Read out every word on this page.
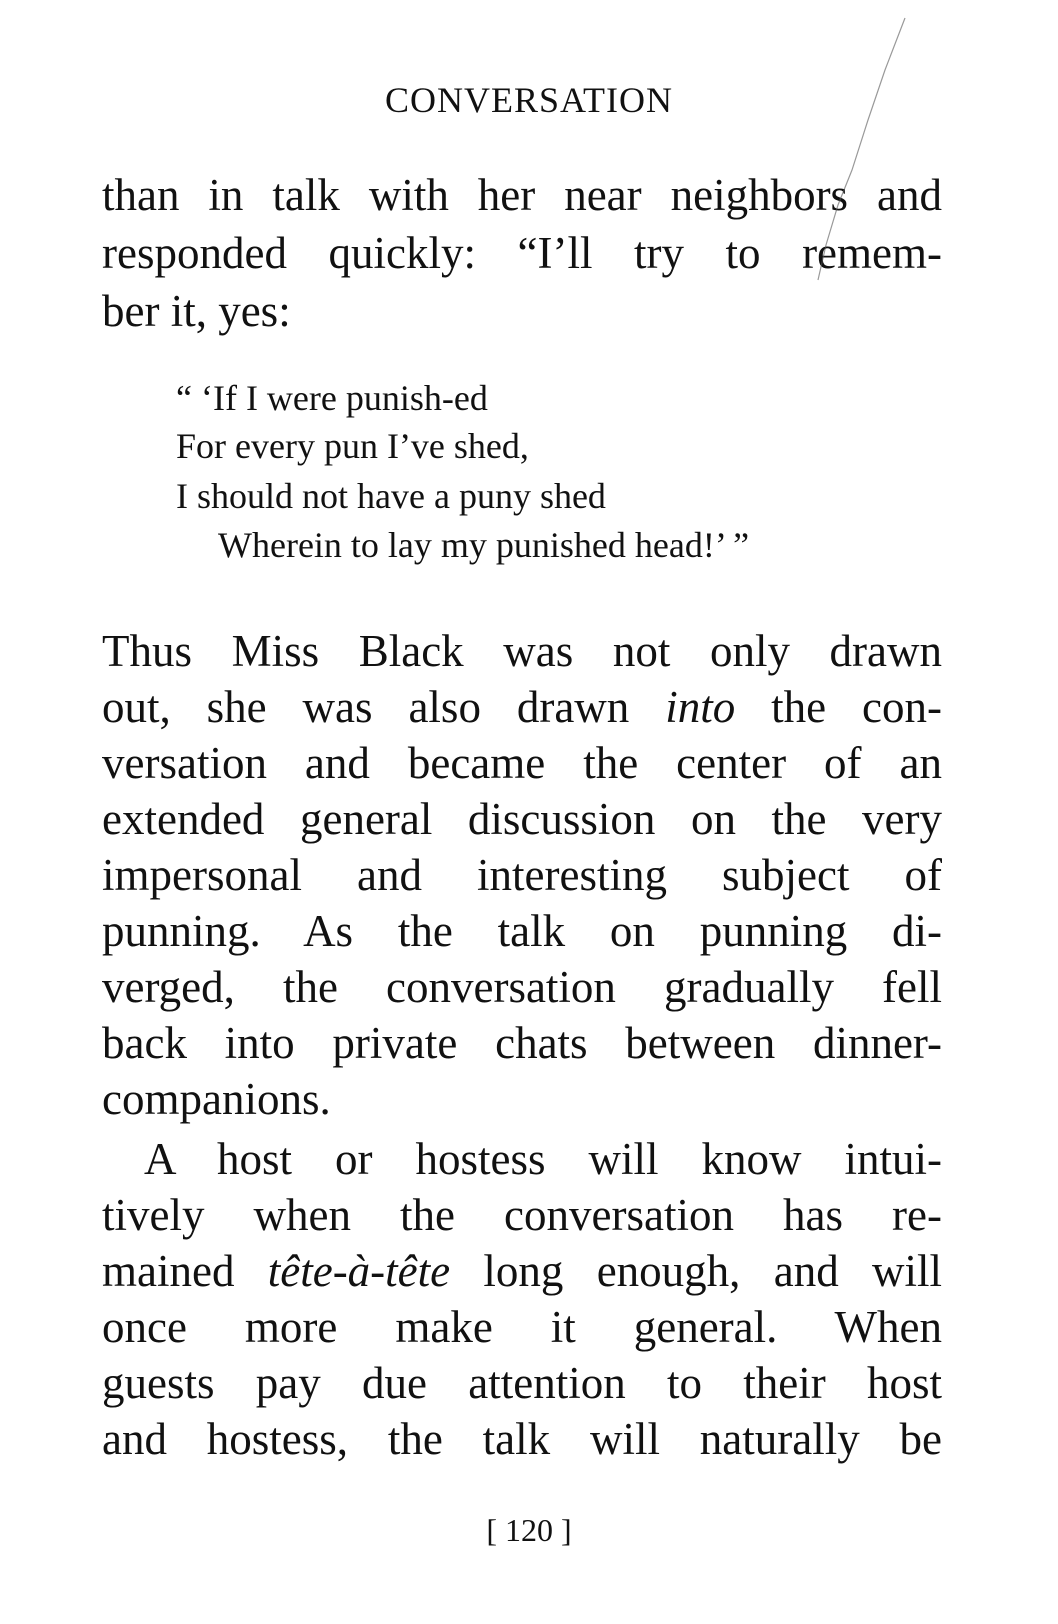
CONVERSATION
than in talk with her near neighbors and
responded quickly: “I’ll try to remem-
ber it, yes:
“ ‘If I were punish-ed
For every pun I’ve shed,
I should not have a puny shed
Wherein to lay my punished head!’ ”
Thus Miss Black was not only drawn
out, she was also drawn into the con-
versation and became the center of an
extended general discussion on the very
impersonal and interesting subject of
punning. As the talk on punning di-
verged, the conversation gradually fell
back into private chats between dinner-
companions.
A host or hostess will know intui-
tively when the conversation has re-
mained tête-à-tête long enough, and will
once more make it general. When
guests pay due attention to their host
and hostess, the talk will naturally be
[ 120 ]
